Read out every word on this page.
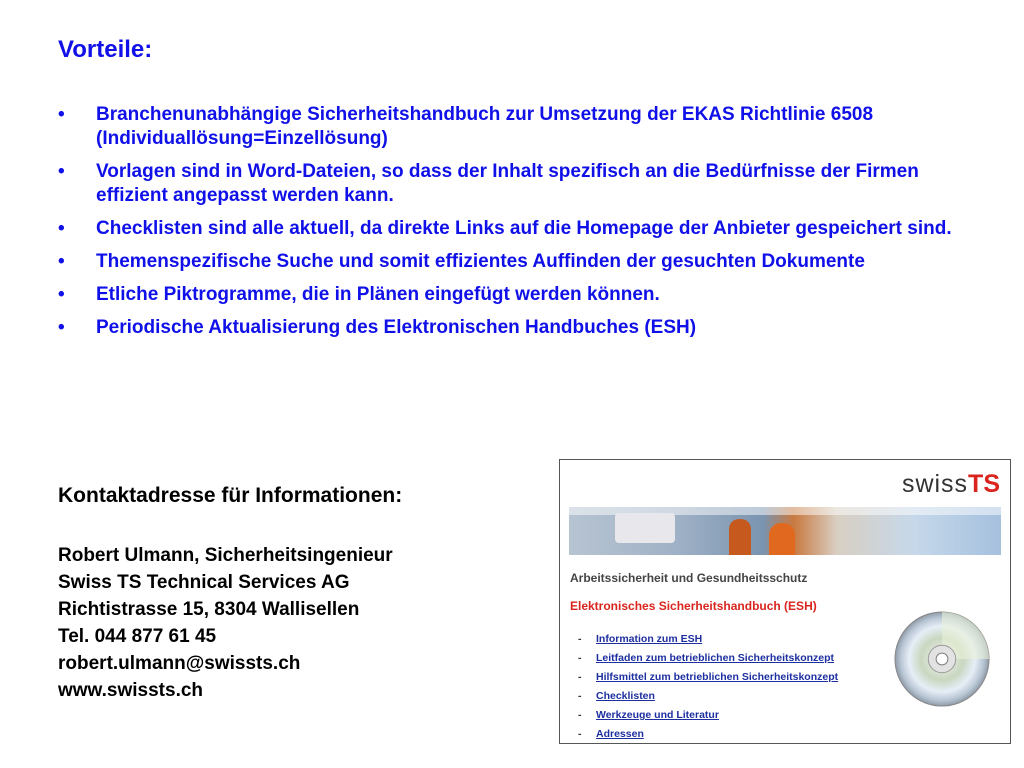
Vorteile:
• Branchenunabhängige Sicherheitshandbuch zur Umsetzung der EKAS Richtlinie 6508 (Individuallösung=Einzellösung)
• Vorlagen sind in Word-Dateien, so dass der Inhalt spezifisch an die Bedürfnisse der Firmen effizient angepasst werden kann.
• Checklisten sind alle aktuell, da direkte Links auf die Homepage der Anbieter gespeichert sind.
• Themenspezifische Suche und somit effizientes Auffinden der gesuchten Dokumente
• Etliche Piktrogramme, die in Plänen eingefügt werden können.
• Periodische Aktualisierung des Elektronischen Handbuches (ESH)
Kontaktadresse für Informationen:
Robert Ulmann, Sicherheitsingenieur
Swiss TS Technical Services AG
Richtistrasse 15, 8304 Wallisellen
Tel. 044 877 61 45
robert.ulmann@swissts.ch
www.swissts.ch
swissTS
Arbeitssicherheit und Gesundheitsschutz
Elektronisches Sicherheitshandbuch (ESH)
- Information zum ESH
- Leitfaden zum betrieblichen Sicherheitskonzept
- Hilfsmittel zum betrieblichen Sicherheitskonzept
- Checklisten
- Werkzeuge und Literatur
- Adressen
